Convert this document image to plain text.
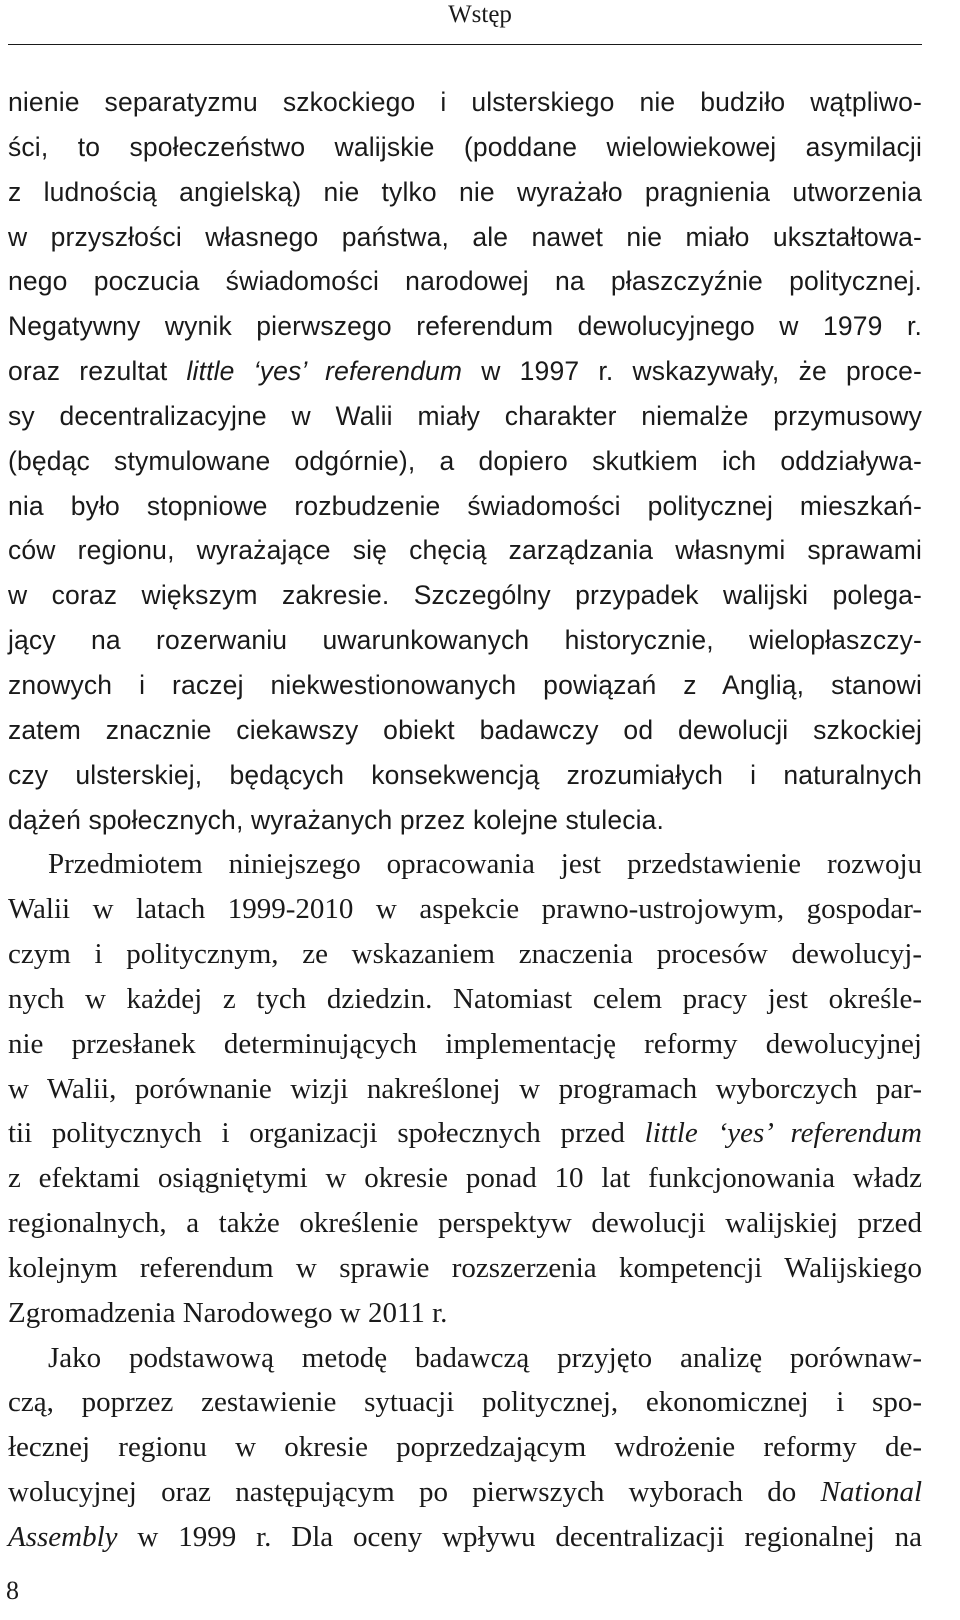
Wstęp
nienie separatyzmu szkockiego i ulsterskiego nie budziło wątpliwo-
ści, to społeczeństwo walijskie (poddane wielowiekowej asymilacji
z ludnością angielską) nie tylko nie wyrażało pragnienia utworzenia
w przyszłości własnego państwa, ale nawet nie miało ukształtowa-
nego poczucia świadomości narodowej na płaszczyźnie politycznej.
Negatywny wynik pierwszego referendum dewolucyjnego w 1979 r.
oraz rezultat little ‘yes’ referendum w 1997 r. wskazywały, że proce-
sy decentralizacyjne w Walii miały charakter niemalże przymusowy
(będąc stymulowane odgórnie), a dopiero skutkiem ich oddziaływa-
nia było stopniowe rozbudzenie świadomości politycznej mieszkań-
ców regionu, wyrażające się chęcią zarządzania własnymi sprawami
w coraz większym zakresie. Szczególny przypadek walijski polega-
jący na rozerwaniu uwarunkowanych historycznie, wielopłaszczy-
znowych i raczej niekwestionowanych powiązań z Anglią, stanowi
zatem znacznie ciekawszy obiekt badawczy od dewolucji szkockiej
czy ulsterskiej, będących konsekwencją zrozumiałych i naturalnych
dążeń społecznych, wyrażanych przez kolejne stulecia.
Przedmiotem niniejszego opracowania jest przedstawienie rozwoju
Walii w latach 1999-2010 w aspekcie prawno-ustrojowym, gospodar-
czym i politycznym, ze wskazaniem znaczenia procesów dewolucyj-
nych w każdej z tych dziedzin. Natomiast celem pracy jest określe-
nie przesłanek determinujących implementację reformy dewolucyjnej
w Walii, porównanie wizji nakreślonej w programach wyborczych par-
tii politycznych i organizacji społecznych przed little ‘yes’ referendum
z efektami osiągniętymi w okresie ponad 10 lat funkcjonowania władz
regionalnych, a także określenie perspektyw dewolucji walijskiej przed
kolejnym referendum w sprawie rozszerzenia kompetencji Walijskiego
Zgromadzenia Narodowego w 2011 r.
Jako podstawową metodę badawczą przyjęto analizę porównaw-
czą, poprzez zestawienie sytuacji politycznej, ekonomicznej i spo-
łecznej regionu w okresie poprzedzającym wdrożenie reformy de-
wolucyjnej oraz następującym po pierwszych wyborach do National
Assembly w 1999 r. Dla oceny wpływu decentralizacji regionalnej na
8
